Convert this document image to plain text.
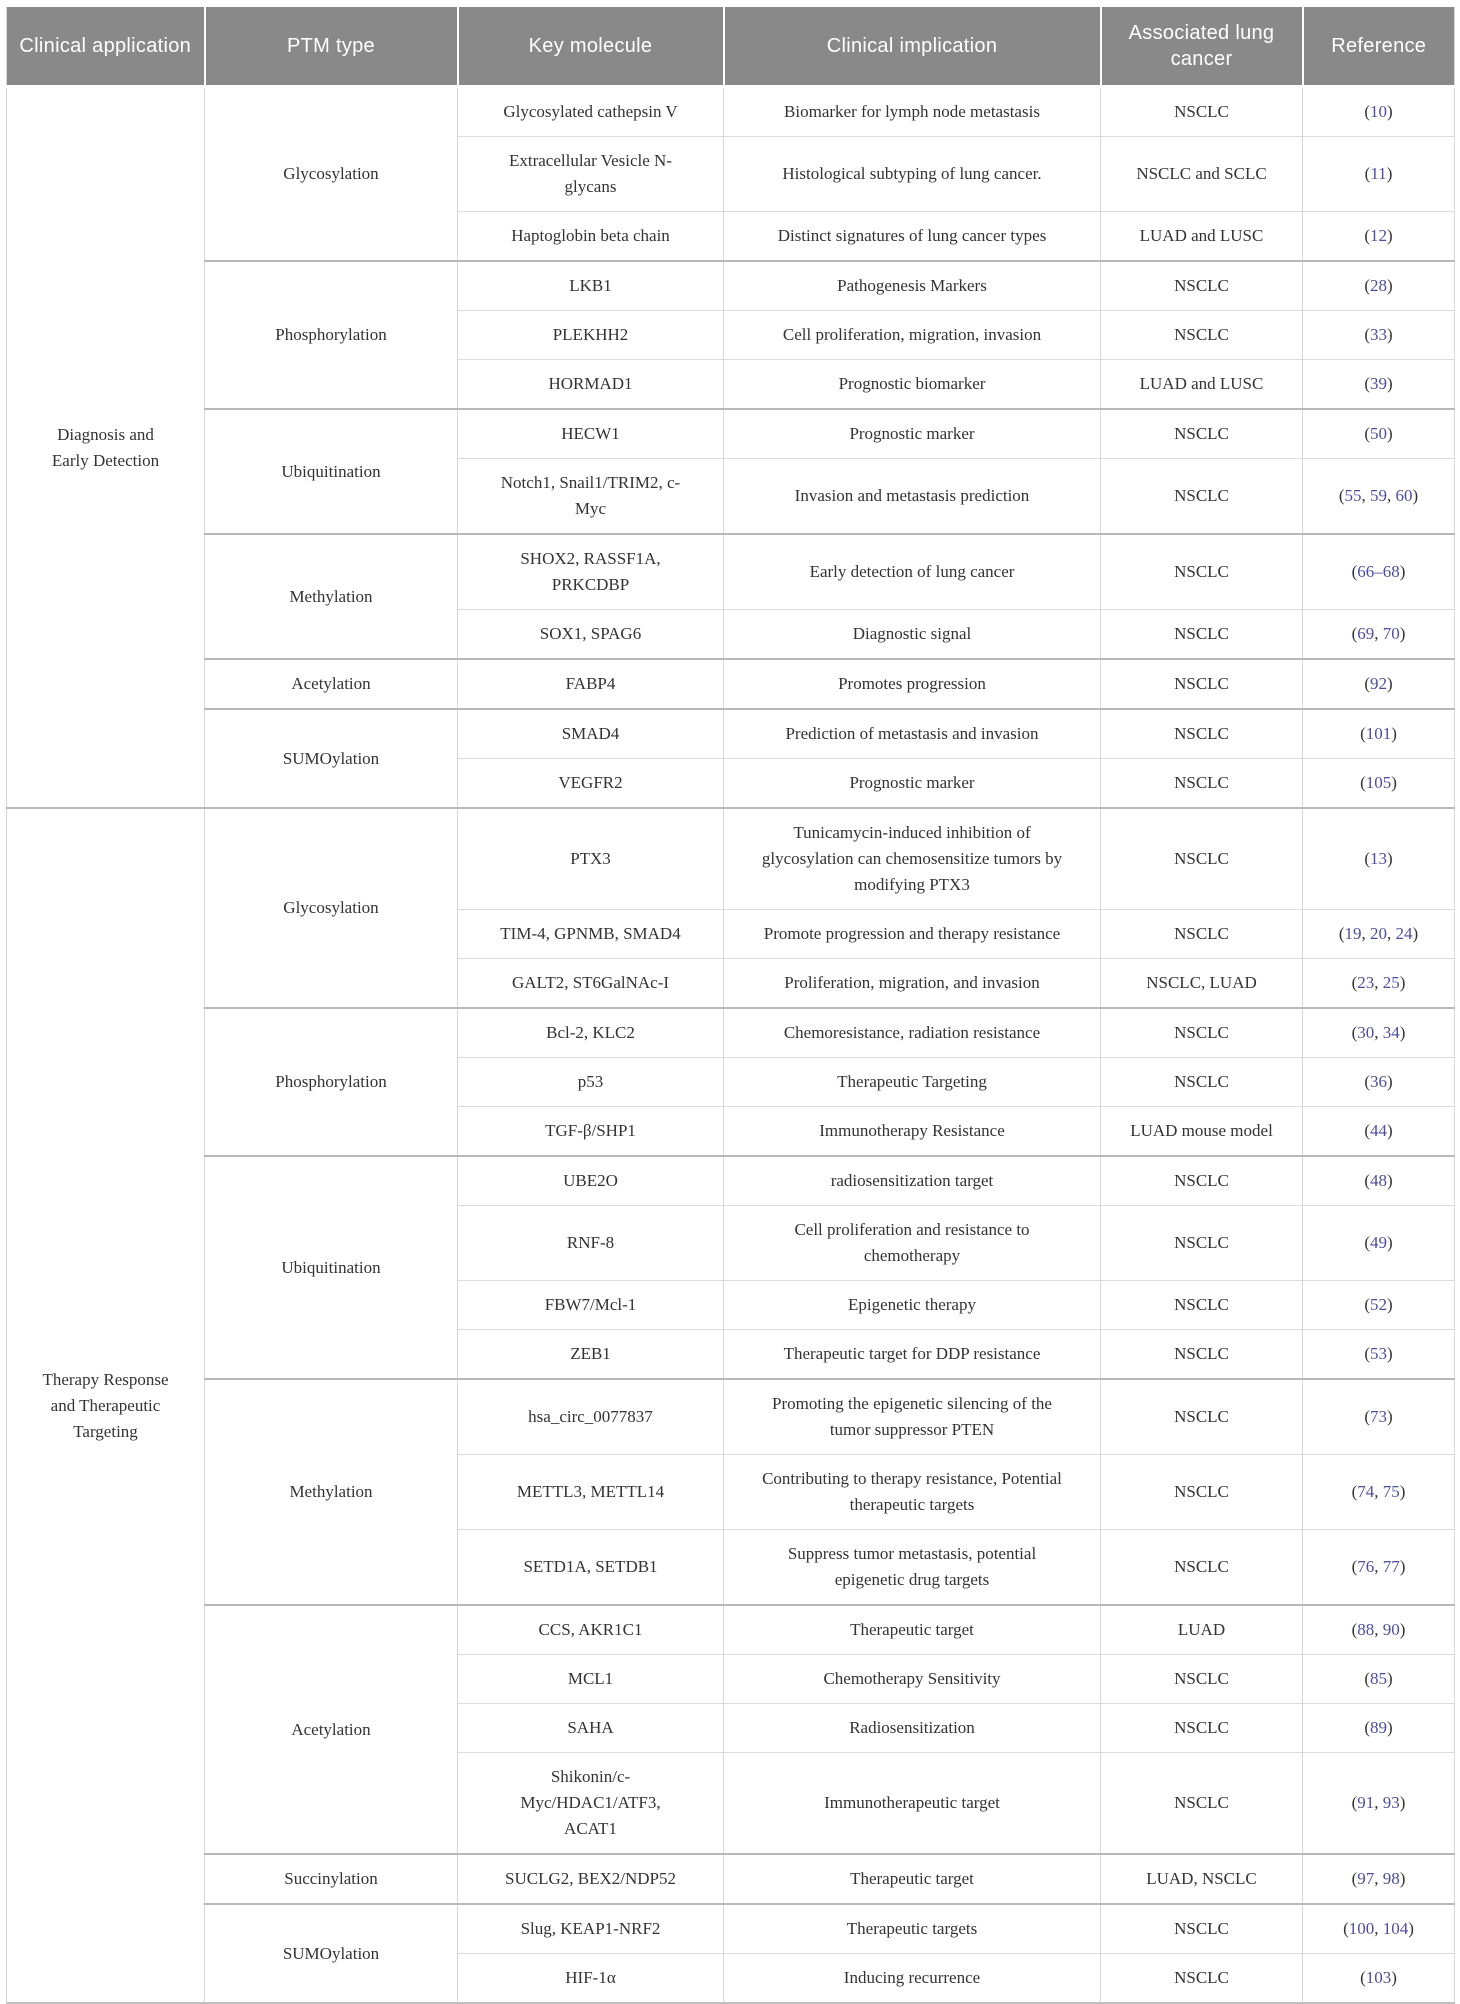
Clinical application	PTM type	Key molecule	Clinical implication	Associated lung cancer	Reference

Diagnosis and Early Detection	Glycosylation	Glycosylated cathepsin V	Biomarker for lymph node metastasis	NSCLC	(10)

		Extracellular Vesicle N-glycans	Histological subtyping of lung cancer.	NSCLC and SCLC	(11)

		Haptoglobin beta chain	Distinct signatures of lung cancer types	LUAD and LUSC	(12)

	Phosphorylation	LKB1	Pathogenesis Markers	NSCLC	(28)

		PLEKHH2	Cell proliferation, migration, invasion	NSCLC	(33)

		HORMAD1	Prognostic biomarker	LUAD and LUSC	(39)

	Ubiquitination	HECW1	Prognostic marker	NSCLC	(50)

		Notch1, Snail1/TRIM2, c-Myc	Invasion and metastasis prediction	NSCLC	(55, 59, 60)

	Methylation	SHOX2, RASSF1A, PRKCDBP	Early detection of lung cancer	NSCLC	(66–68)

		SOX1, SPAG6	Diagnostic signal	NSCLC	(69, 70)

	Acetylation	FABP4	Promotes progression	NSCLC	(92)

	SUMOylation	SMAD4	Prediction of metastasis and invasion	NSCLC	(101)

		VEGFR2	Prognostic marker	NSCLC	(105)

Therapy Response and Therapeutic Targeting	Glycosylation	PTX3	Tunicamycin-induced inhibition of glycosylation can chemosensitize tumors by modifying PTX3	NSCLC	(13)

		TIM-4, GPNMB, SMAD4	Promote progression and therapy resistance	NSCLC	(19, 20, 24)

		GALT2, ST6GalNAc-I	Proliferation, migration, and invasion	NSCLC, LUAD	(23, 25)

	Phosphorylation	Bcl-2, KLC2	Chemoresistance, radiation resistance	NSCLC	(30, 34)

		p53	Therapeutic Targeting	NSCLC	(36)

		TGF-β/SHP1	Immunotherapy Resistance	LUAD mouse model	(44)

	Ubiquitination	UBE2O	radiosensitization target	NSCLC	(48)

		RNF-8	Cell proliferation and resistance to chemotherapy	NSCLC	(49)

		FBW7/Mcl-1	Epigenetic therapy	NSCLC	(52)

		ZEB1	Therapeutic target for DDP resistance	NSCLC	(53)

	Methylation	hsa_circ_0077837	Promoting the epigenetic silencing of the tumor suppressor PTEN	NSCLC	(73)

		METTL3, METTL14	Contributing to therapy resistance, Potential therapeutic targets	NSCLC	(74, 75)

		SETD1A, SETDB1	Suppress tumor metastasis, potential epigenetic drug targets	NSCLC	(76, 77)

	Acetylation	CCS, AKR1C1	Therapeutic target	LUAD	(88, 90)

		MCL1	Chemotherapy Sensitivity	NSCLC	(85)

		SAHA	Radiosensitization	NSCLC	(89)

		Shikonin/c-Myc/HDAC1/ATF3, ACAT1	Immunotherapeutic target	NSCLC	(91, 93)

	Succinylation	SUCLG2, BEX2/NDP52	Therapeutic target	LUAD, NSCLC	(97, 98)

	SUMOylation	Slug, KEAP1-NRF2	Therapeutic targets	NSCLC	(100, 104)

		HIF-1α	Inducing recurrence	NSCLC	(103)
